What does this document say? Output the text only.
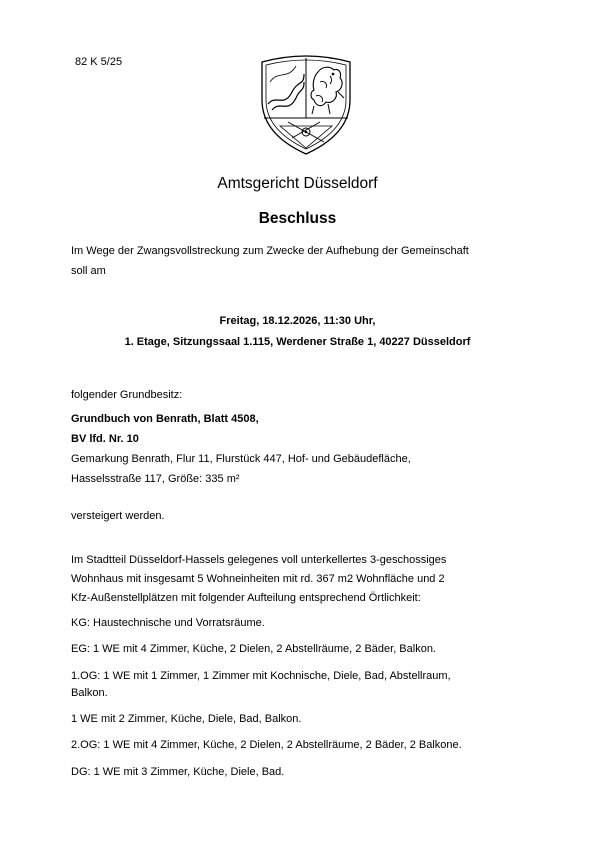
82 K 5/25
Amtsgericht Düsseldorf
Beschluss
Im Wege der Zwangsvollstreckung zum Zwecke der Aufhebung der Gemeinschaft
soll am
Freitag, 18.12.2026, 11:30 Uhr,
1. Etage, Sitzungssaal 1.115, Werdener Straße 1, 40227 Düsseldorf
folgender Grundbesitz:
Grundbuch von Benrath, Blatt 4508,
BV lfd. Nr. 10
Gemarkung Benrath, Flur 11, Flurstück 447, Hof- und Gebäudefläche,
Hasselsstraße 117, Größe: 335 m²
versteigert werden.
Im Stadtteil Düsseldorf-Hassels gelegenes voll unterkellertes 3-geschossiges
Wohnhaus mit insgesamt 5 Wohneinheiten mit rd. 367 m2 Wohnfläche und 2
Kfz-Außenstellplätzen mit folgender Aufteilung entsprechend Örtlichkeit:
KG: Haustechnische und Vorratsräume.
EG: 1 WE mit 4 Zimmer, Küche, 2 Dielen, 2 Abstellräume, 2 Bäder, Balkon.
1.OG: 1 WE mit 1 Zimmer, 1 Zimmer mit Kochnische, Diele, Bad, Abstellraum,
Balkon.
1 WE mit 2 Zimmer, Küche, Diele, Bad, Balkon.
2.OG: 1 WE mit 4 Zimmer, Küche, 2 Dielen, 2 Abstellräume, 2 Bäder, 2 Balkone.
DG: 1 WE mit 3 Zimmer, Küche, Diele, Bad.
